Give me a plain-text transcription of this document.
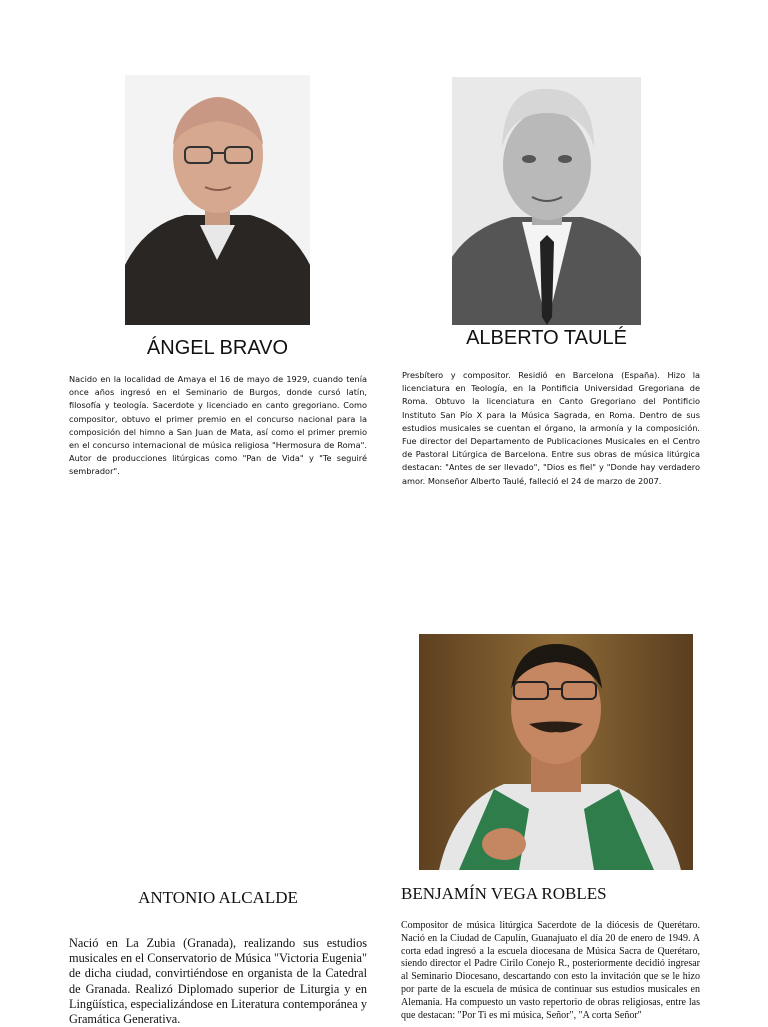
ÁNGEL BRAVO
Nacido en la localidad de Amaya el 16 de mayo de 1929, cuando tenía once años ingresó en el Seminario de Burgos, donde cursó latín, filosofía y teología. Sacerdote y licenciado en canto gregoriano. Como compositor, obtuvo el primer premio en el concurso nacional para la composición del himno a San Juan de Mata, así como el primer premio en el concurso internacional de música religiosa "Hermosura de Roma". Autor de producciones litúrgicas como "Pan de Vida" y "Te seguiré sembrador".
ALBERTO TAULÉ
Presbítero y compositor. Residió en Barcelona (España). Hizo la licenciatura en Teología, en la Pontificia Universidad Gregoriana de Roma. Obtuvo la licenciatura en Canto Gregoriano del Pontificio Instituto San Pío X para la Música Sagrada, en Roma. Dentro de sus estudios musicales se cuentan el órgano, la armonía y la composición. Fue director del Departamento de Publicaciones Musicales en el Centro de Pastoral Litúrgica de Barcelona. Entre sus obras de música litúrgica destacan: "Antes de ser llevado", "Dios es fiel" y "Donde hay verdadero amor. Monseñor Alberto Taulé, falleció el 24 de marzo de 2007.
ANTONIO ALCALDE
Nació en La Zubia (Granada), realizando sus estudios musicales en el Conservatorio de Música "Victoria Eugenia" de dicha ciudad, convirtiéndose en organista de la Catedral de Granada. Realizó Diplomado superior de Liturgia y en Lingüística, especializándose en Literatura contemporánea y Gramática Generativa.
BENJAMÍN VEGA ROBLES
Compositor de música litúrgica Sacerdote de la diócesis de Querétaro. Nació en la Ciudad de Capulín, Guanajuato el día 20 de enero de 1949. A corta edad ingresó a la escuela diocesana de Música Sacra de Querétaro, siendo director el Padre Cirilo Conejo R., posteriormente decidió ingresar al Seminario Diocesano, descartando con esto la invitación que se le hizo por parte de la escuela de música de continuar sus estudios musicales en Alemania. Ha compuesto un vasto repertorio de obras religiosas, entre las que destacan: "Por Ti es mi música, Señor", "A corta Señor"
